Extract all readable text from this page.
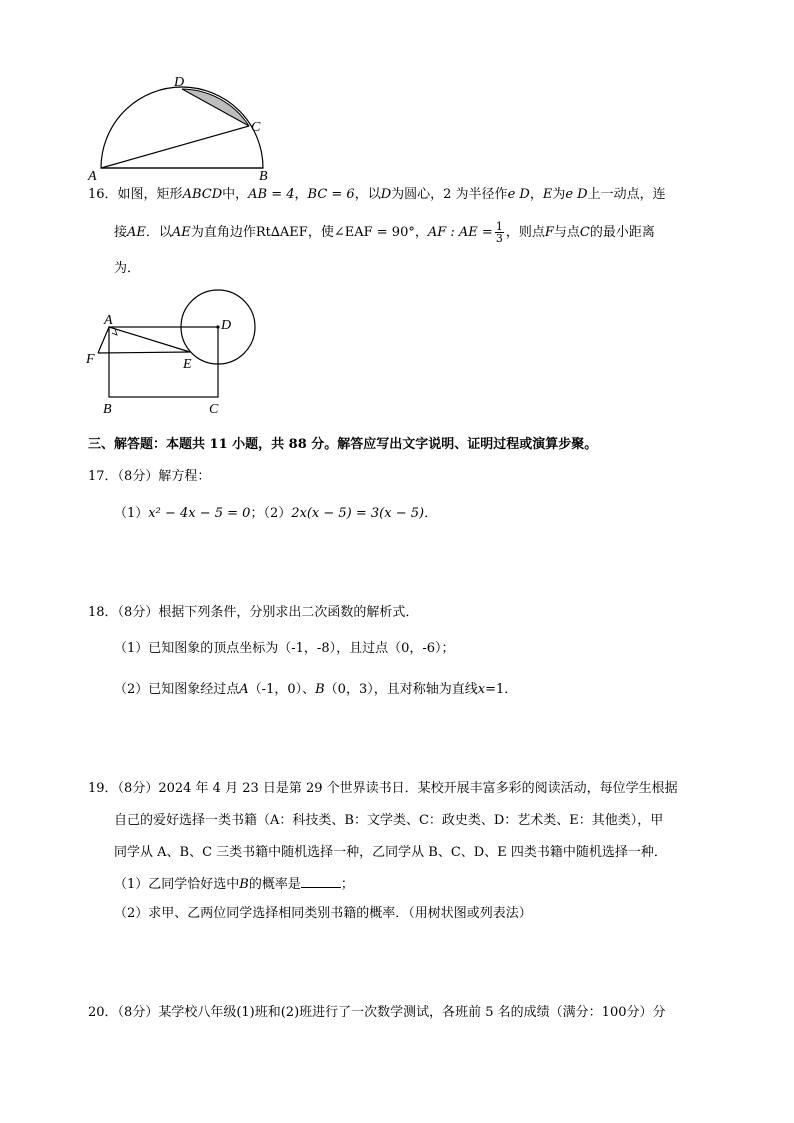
D
C
A	B
16．如图，矩形ABCD中，AB = 4，BC = 6，以D为圆心，2 为半径作e D，E为e D上一动点，连
接AE．以AE为直角边作Rt∆AEF，使∠EAF = 90°，AF : AE = $\frac{1}{3}$ ，则点F与点C的最小距离
为．
A	D
F	E
B	C
三、解答题：本题共 11 小题，共 88 分。解答应写出文字说明、证明过程或演算步聚。
17．（8分）解方程：
（1）x² − 4x − 5 = 0；（2）2x(x − 5) = 3(x − 5)．
18．（8分）根据下列条件，分别求出二次函数的解析式．
（1）已知图象的顶点坐标为（-1，-8），且过点（0，-6）；
（2）已知图象经过点A（-1，0）、B（0，3），且对称轴为直线x=1．
19．（8分）2024 年 4 月 23 日是第 29 个世界读书日．某校开展丰富多彩的阅读活动，每位学生根据
自己的爱好选择一类书籍（A：科技类、B：文学类、C：政史类、D：艺术类、E：其他类），甲
同学从 A、B、C 三类书籍中随机选择一种，乙同学从 B、C、D、E 四类书籍中随机选择一种．
（1）乙同学恰好选中B的概率是	；
（2）求甲、乙两位同学选择相同类别书籍的概率．（用树状图或列表法）
20．（8分）某学校八年级(1)班和(2)班进行了一次数学测试，各班前 5 名的成绩（满分：100分）分
